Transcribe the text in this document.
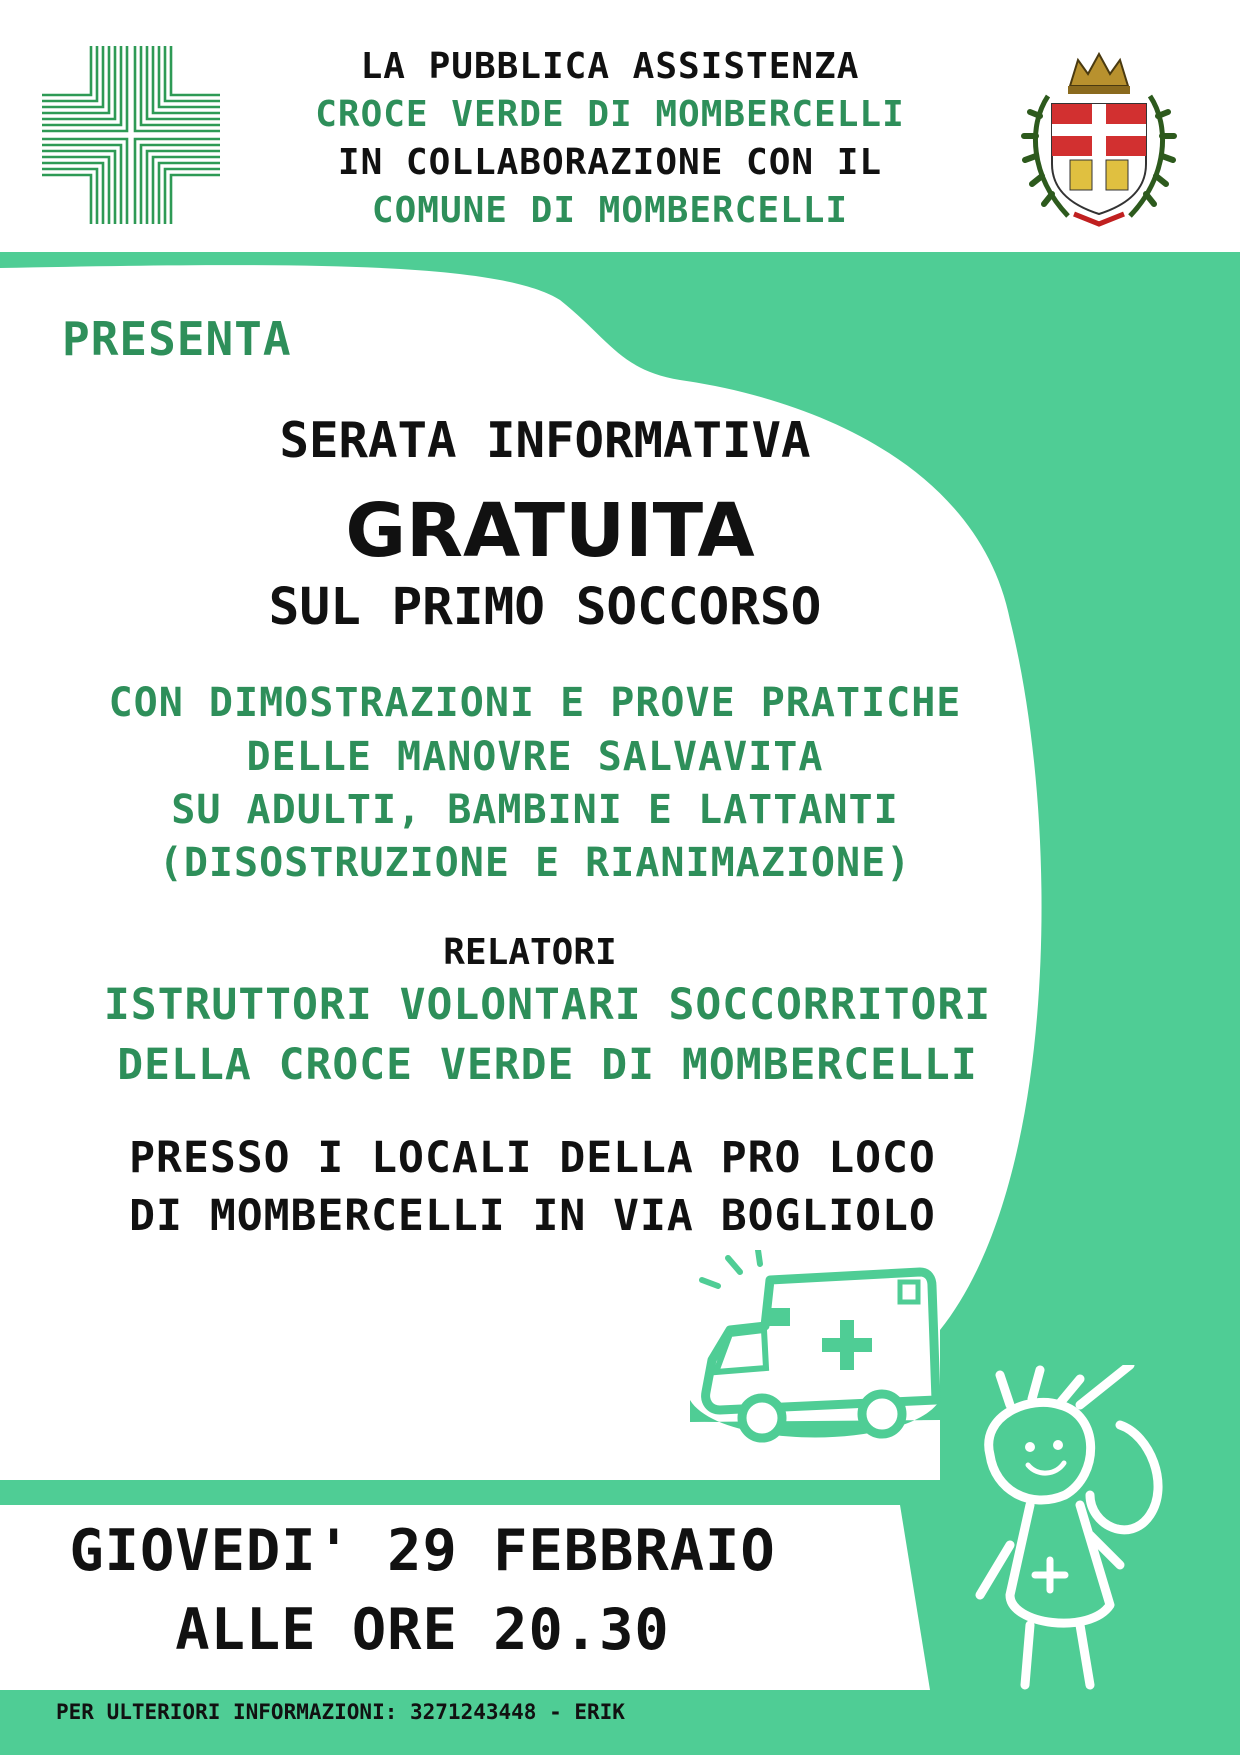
LA PUBBLICA ASSISTENZA
CROCE VERDE DI MOMBERCELLI
IN COLLABORAZIONE CON IL
COMUNE DI MOMBERCELLI
PRESENTA
SERATA INFORMATIVA
GRATUITA
SUL PRIMO SOCCORSO
CON DIMOSTRAZIONI E PROVE PRATICHE
DELLE MANOVRE SALVAVITA
SU ADULTI, BAMBINI E LATTANTI
(DISOSTRUZIONE E RIANIMAZIONE)
RELATORI
ISTRUTTORI VOLONTARI SOCCORRITORI
DELLA CROCE VERDE DI MOMBERCELLI
PRESSO I LOCALI DELLA PRO LOCO
DI MOMBERCELLI IN VIA BOGLIOLO
GIOVEDI' 29 FEBBRAIO
ALLE ORE 20.30
PER ULTERIORI INFORMAZIONI: 3271243448 - ERIK
